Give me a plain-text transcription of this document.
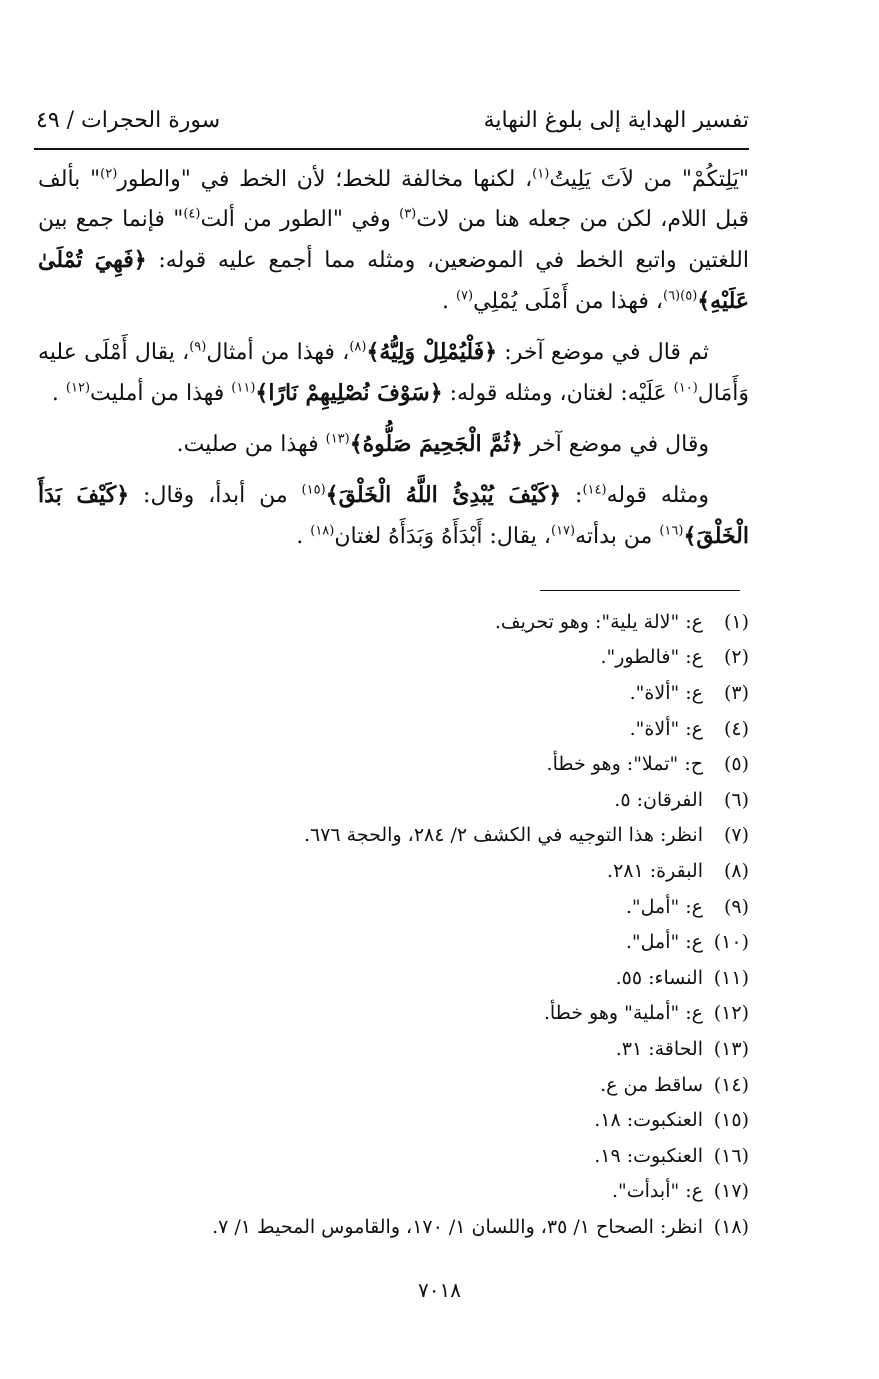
تفسير الهداية إلى بلوغ النهاية
سورة الحجرات / ٤٩

"يَلِتكُمْ" من لاَتَ يَلِيتُ$^{(١)}$، لكنها مخالفة للخط؛ لأن الخط في "والطور$^{(٢)}$" بألف قبل اللام، لكن من جعله هنا من لات$^{(٣)}$ وفي "الطور من ألت$^{(٤)}$" فإنما جمع بين اللغتين واتبع الخط في الموضعين، ومثله مما أجمع عليه قوله: ﴿فَهِيَ تُمْلَىٰ عَلَيْهِ﴾$^{(٥)(٦)}$، فهذا من أَمْلَى يُمْلِي$^{(٧)}$ .

ثم قال في موضع آخر: ﴿فَلْيُمْلِلْ وَلِيُّهُ﴾$^{(٨)}$، فهذا من أمثال$^{(٩)}$، يقال أَمْلَى عليه وَأَمَال$^{(١٠)}$ عَلَيْه: لغتان، ومثله قوله: ﴿سَوْفَ نُصْلِيهِمْ نَارًا﴾$^{(١١)}$ فهذا من أمليت$^{(١٢)}$ .

وقال في موضع آخر ﴿ثُمَّ الْجَحِيمَ صَلُّوهُ﴾$^{(١٣)}$ فهذا من صليت.

ومثله قوله$^{(١٤)}$: ﴿كَيْفَ يُبْدِئُ اللَّهُ الْخَلْقَ﴾$^{(١٥)}$ من أبدأ، وقال: ﴿كَيْفَ بَدَأَ الْخَلْقَ﴾$^{(١٦)}$ من بدأته$^{(١٧)}$، يقال: أَبْدَأَهُ وَبَدَأَهُ لغتان$^{(١٨)}$ .

(١)
ع: "لالة يلية": وهو تحريف.
(٢)
ع: "فالطور".
(٣)
ع: "ألاة".
(٤)
ع: "ألاة".
(٥)
ح: "تملا": وهو خطأ.
(٦)
الفرقان: ٥.
(٧)
انظر: هذا التوجيه في الكشف ٢/ ٢٨٤، والحجة ٦٧٦.
(٨)
البقرة: ٢٨١.
(٩)
ع: "أمل".
(١٠)
ع: "أمل".
(١١)
النساء: ٥٥.
(١٢)
ع: "أملية" وهو خطأ.
(١٣)
الحاقة: ٣١.
(١٤)
ساقط من ع.
(١٥)
العنكبوت: ١٨.
(١٦)
العنكبوت: ١٩.
(١٧)
ع: "أبدأت".
(١٨)
انظر: الصحاح ١/ ٣٥، واللسان ١/ ١٧٠، والقاموس المحيط ١/ ٧.
٧٠١٨
